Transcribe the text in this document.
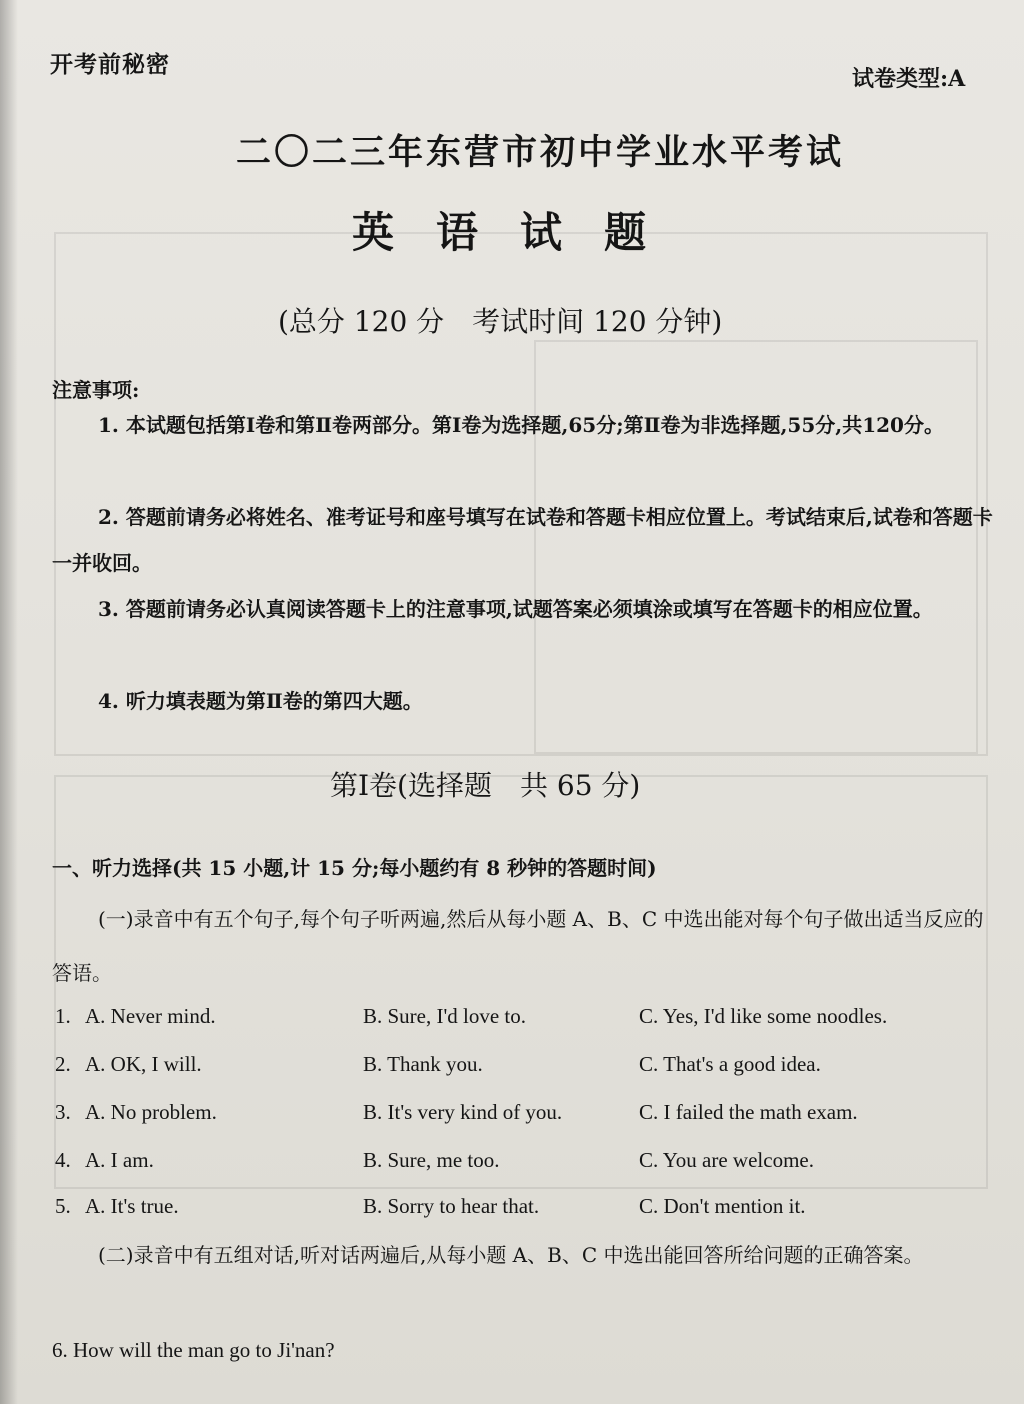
开考前秘密
试卷类型:A
二〇二三年东营市初中学业水平考试
英语试题
(总分 120 分　考试时间 120 分钟)
注意事项:
1. 本试题包括第Ⅰ卷和第Ⅱ卷两部分。第Ⅰ卷为选择题,65分;第Ⅱ卷为非选择题,55分,共120分。
2. 答题前请务必将姓名、准考证号和座号填写在试卷和答题卡相应位置上。考试结束后,试卷和答题卡一并收回。
3. 答题前请务必认真阅读答题卡上的注意事项,试题答案必须填涂或填写在答题卡的相应位置。
4. 听力填表题为第Ⅱ卷的第四大题。
第Ⅰ卷(选择题　共 65 分)
一、听力选择(共 15 小题,计 15 分;每小题约有 8 秒钟的答题时间)
(一)录音中有五个句子,每个句子听两遍,然后从每小题 A、B、C 中选出能对每个句子做出适当反应的答语。
1. A. Never mind.	B. Sure, I'd love to.	C. Yes, I'd like some noodles.
2. A. OK, I will.	B. Thank you.	C. That's a good idea.
3. A. No problem.	B. It's very kind of you.	C. I failed the math exam.
4. A. I am.	B. Sure, me too.	C. You are welcome.
5. A. It's true.	B. Sorry to hear that.	C. Don't mention it.
(二)录音中有五组对话,听对话两遍后,从每小题 A、B、C 中选出能回答所给问题的正确答案。
6. How will the man go to Ji'nan?
